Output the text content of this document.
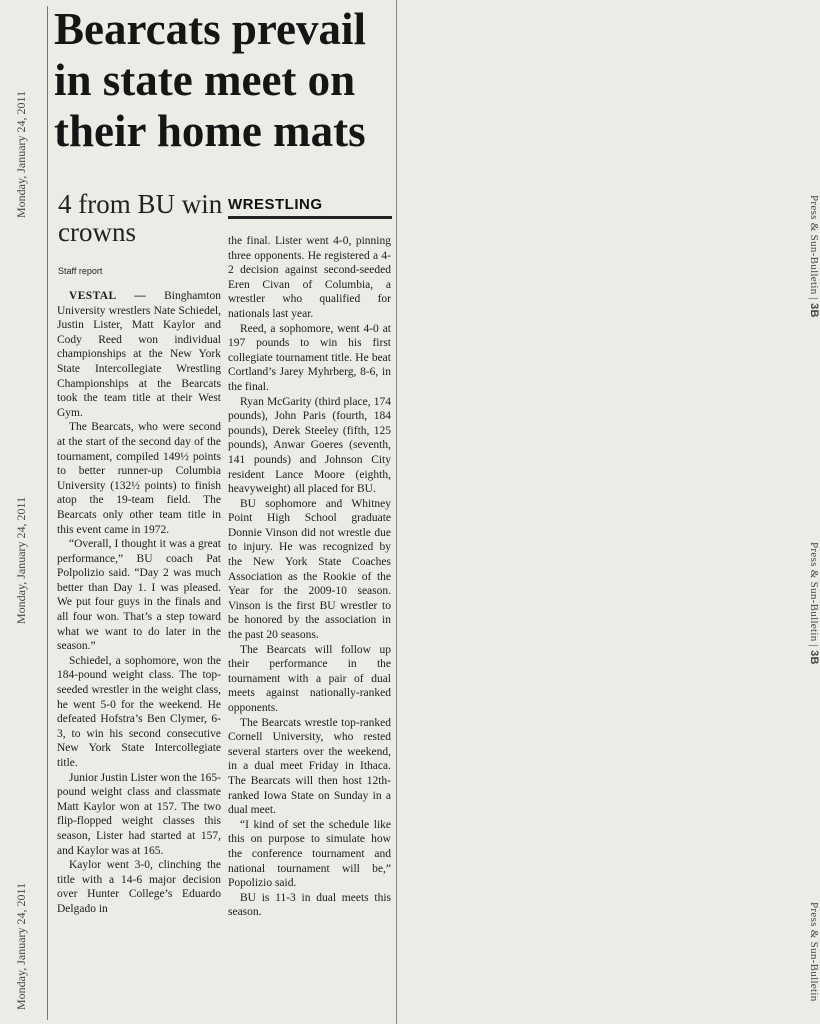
Monday, January 24, 2011
Monday, January 24, 2011
Monday, January 24, 2011
Press & Sun-Bulletin | 3B
Press & Sun-Bulletin | 3B
Press & Sun-Bulletin
Bearcats prevail in state meet on their home mats
4 from BU win crowns
Staff report
WRESTLING

VESTAL — Binghamton University wrestlers Nate Schiedel, Justin Lister, Matt Kaylor and Cody Reed won individual championships at the New York State Intercollegiate Wrestling Championships at the Bearcats took the team title at their West Gym.

The Bearcats, who were second at the start of the second day of the tournament, compiled 149½ points to better runner-up Columbia University (132½ points) to finish atop the 19-team field. The Bearcats only other team title in this event came in 1972.

“Overall, I thought it was a great performance,” BU coach Pat Polpolizio said. “Day 2 was much better than Day 1. I was pleased. We put four guys in the finals and all four won. That’s a step toward what we want to do later in the season.”

Schiedel, a sophomore, won the 184-pound weight class. The top-seeded wrestler in the weight class, he went 5-0 for the weekend. He defeated Hofstra’s Ben Clymer, 6-3, to win his second consecutive New York State Intercollegiate title.

Junior Justin Lister won the 165-pound weight class and classmate Matt Kaylor won at 157. The two flip-flopped weight classes this season, Lister had started at 157, and Kaylor was at 165.

Kaylor went 3-0, clinching the title with a 14-6 major decision over Hunter College’s Eduardo Delgado in

the final. Lister went 4-0, pinning three opponents. He registered a 4-2 decision against second-seeded Eren Civan of Columbia, a wrestler who qualified for nationals last year.

Reed, a sophomore, went 4-0 at 197 pounds to win his first collegiate tournament title. He beat Cortland’s Jarey Myhrberg, 8-6, in the final.

Ryan McGarity (third place, 174 pounds), John Paris (fourth, 184 pounds), Derek Steeley (fifth, 125 pounds), Anwar Goeres (seventh, 141 pounds) and Johnson City resident Lance Moore (eighth, heavyweight) all placed for BU.

BU sophomore and Whitney Point High School graduate Donnie Vinson did not wrestle due to injury. He was recognized by the New York State Coaches Association as the Rookie of the Year for the 2009-10 season. Vinson is the first BU wrestler to be honored by the association in the past 20 seasons.

The Bearcats will follow up their performance in the tournament with a pair of dual meets against nationally-ranked opponents.

The Bearcats wrestle top-ranked Cornell University, who rested several starters over the weekend, in a dual meet Friday in Ithaca. The Bearcats will then host 12th-ranked Iowa State on Sunday in a dual meet.

“I kind of set the schedule like this on purpose to simulate how the conference tournament and national tournament will be,” Popolizio said.

BU is 11-3 in dual meets this season.
